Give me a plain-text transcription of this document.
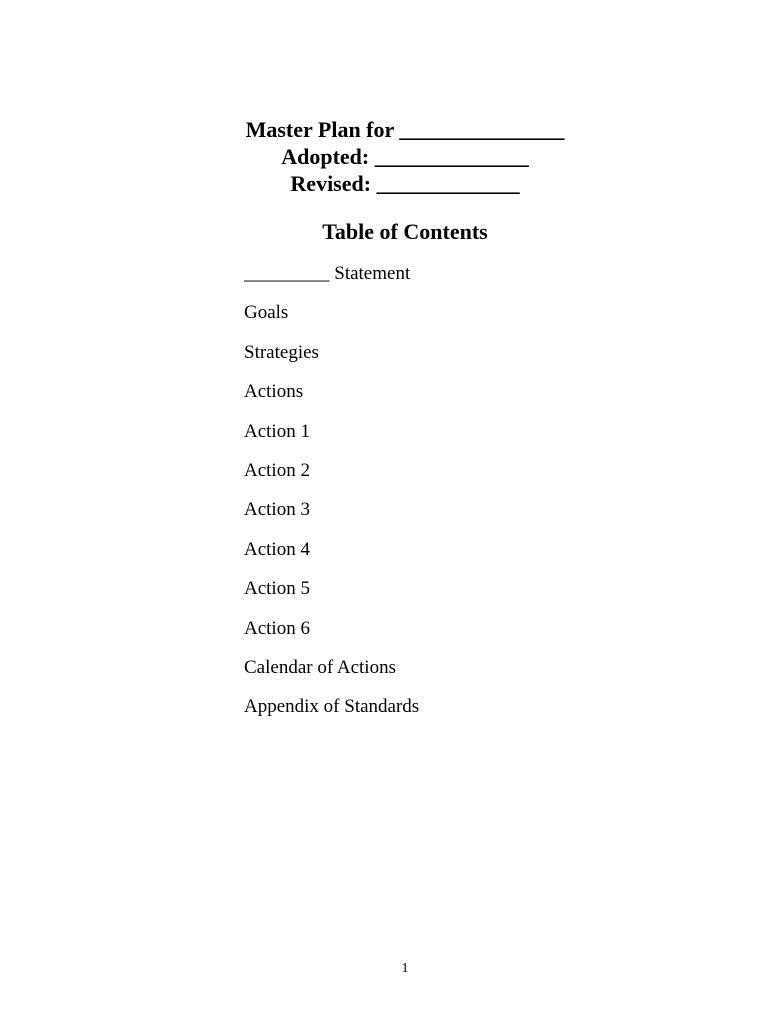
Master Plan for _______________
Adopted: ______________
Revised: _____________
Table of Contents
_________ Statement
Goals
Strategies
Actions
Action 1
Action 2
Action 3
Action 4
Action 5
Action 6
Calendar of Actions
Appendix of Standards
1
